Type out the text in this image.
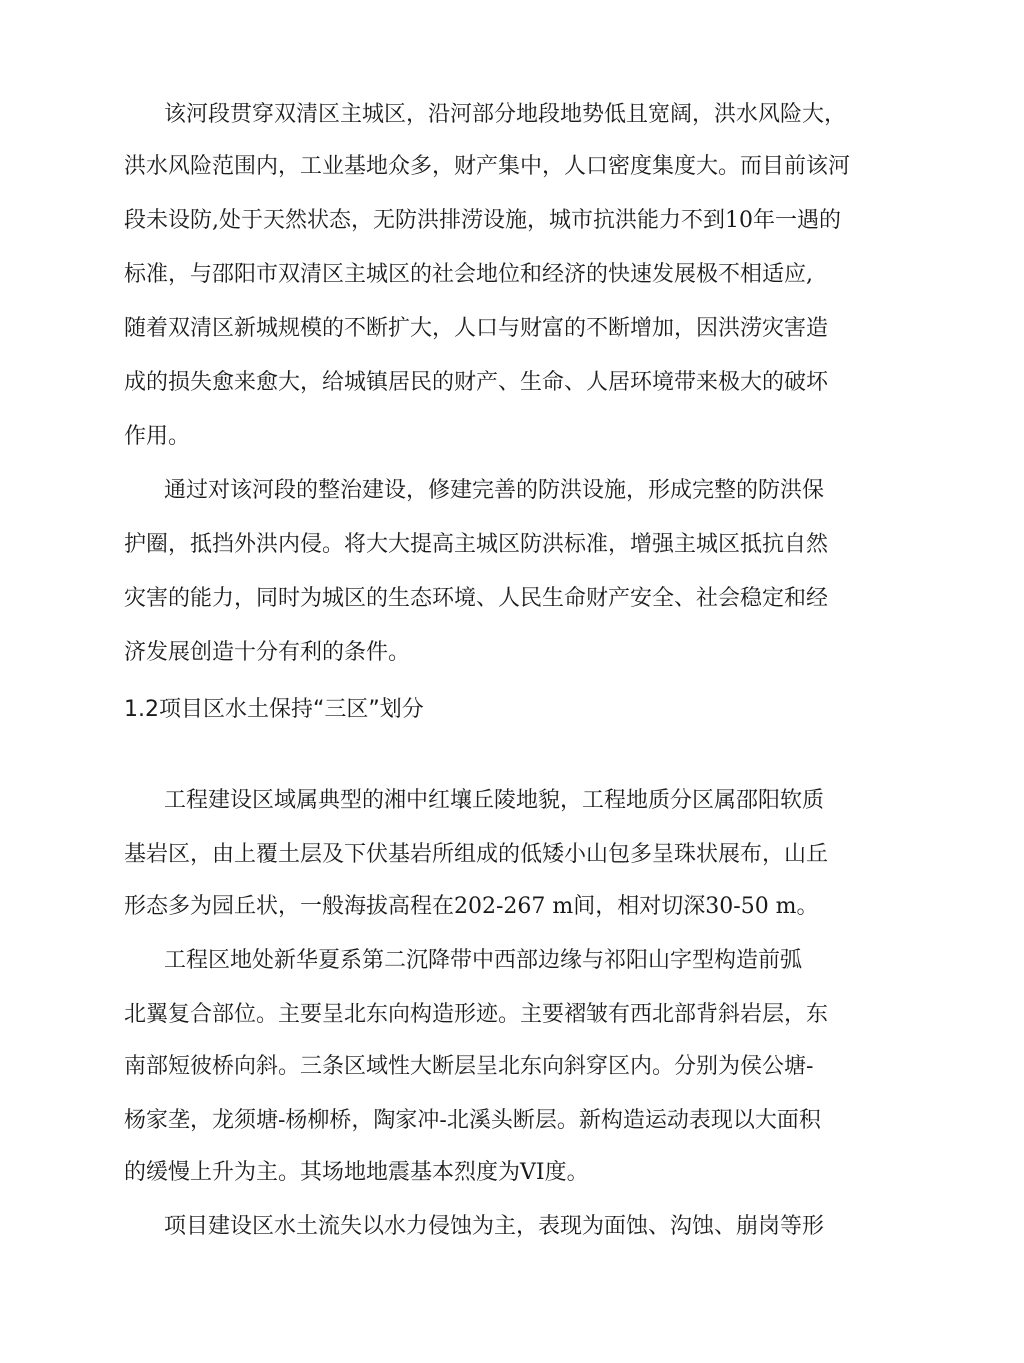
该河段贯穿双清区主城区，沿河部分地段地势低且宽阔，洪水风险大，
洪水风险范围内，工业基地众多，财产集中，人口密度集度大。而目前该河
段未设防,处于天然状态，无防洪排涝设施，城市抗洪能力不到10年一遇的
标准，与邵阳市双清区主城区的社会地位和经济的快速发展极不相适应,
随着双清区新城规模的不断扩大，人口与财富的不断增加，因洪涝灾害造
成的损失愈来愈大，给城镇居民的财产、生命、人居环境带来极大的破坏
作用。
通过对该河段的整治建设，修建完善的防洪设施，形成完整的防洪保
护圈，抵挡外洪内侵。将大大提高主城区防洪标准，增强主城区抵抗自然
灾害的能力，同时为城区的生态环境、人民生命财产安全、社会稳定和经
济发展创造十分有利的条件。
1.2项目区水土保持“三区”划分
工程建设区域属典型的湘中红壤丘陵地貌，工程地质分区属邵阳软质
基岩区，由上覆土层及下伏基岩所组成的低矮小山包多呈珠状展布，山丘
形态多为园丘状，一般海拔高程在202-267 m间，相对切深30-50 m。
工程区地处新华夏系第二沉降带中西部边缘与祁阳山字型构造前弧
北翼复合部位。主要呈北东向构造形迹。主要褶皱有西北部背斜岩层，东
南部短彼桥向斜。三条区域性大断层呈北东向斜穿区内。分别为侯公塘-
杨家垄，龙须塘-杨柳桥，陶家冲-北溪头断层。新构造运动表现以大面积
的缓慢上升为主。其场地地震基本烈度为VI度。
项目建设区水土流失以水力侵蚀为主，表现为面蚀、沟蚀、崩岗等形
